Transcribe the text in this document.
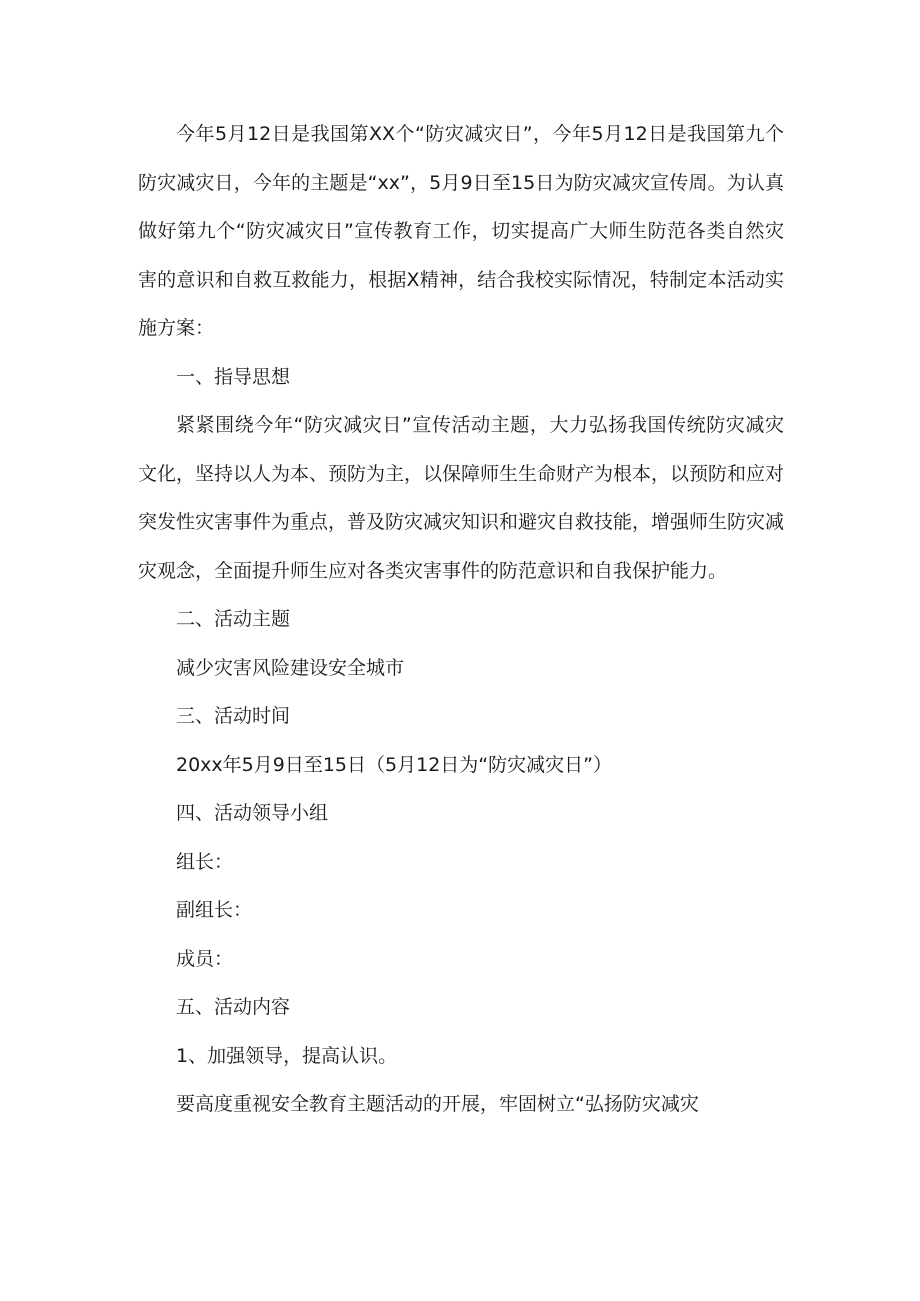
今年5月12日是我国第XX个“防灾减灾日”，今年5月12日是我国第九个防灾减灾日，今年的主题是“xx”，5月9日至15日为防灾减灾宣传周。为认真做好第九个“防灾减灾日”宣传教育工作，切实提高广大师生防范各类自然灾害的意识和自救互救能力，根据X精神，结合我校实际情况，特制定本活动实施方案：

一、指导思想

紧紧围绕今年“防灾减灾日”宣传活动主题，大力弘扬我国传统防灾减灾文化，坚持以人为本、预防为主，以保障师生生命财产为根本，以预防和应对突发性灾害事件为重点，普及防灾减灾知识和避灾自救技能，增强师生防灾减灾观念，全面提升师生应对各类灾害事件的防范意识和自我保护能力。

二、活动主题

减少灾害风险建设安全城市

三、活动时间

20xx年5月9日至15日（5月12日为“防灾减灾日”）

四、活动领导小组

组长：

副组长：

成员：

五、活动内容

1、加强领导，提高认识。

要高度重视安全教育主题活动的开展，牢固树立“弘扬防灾减灾
